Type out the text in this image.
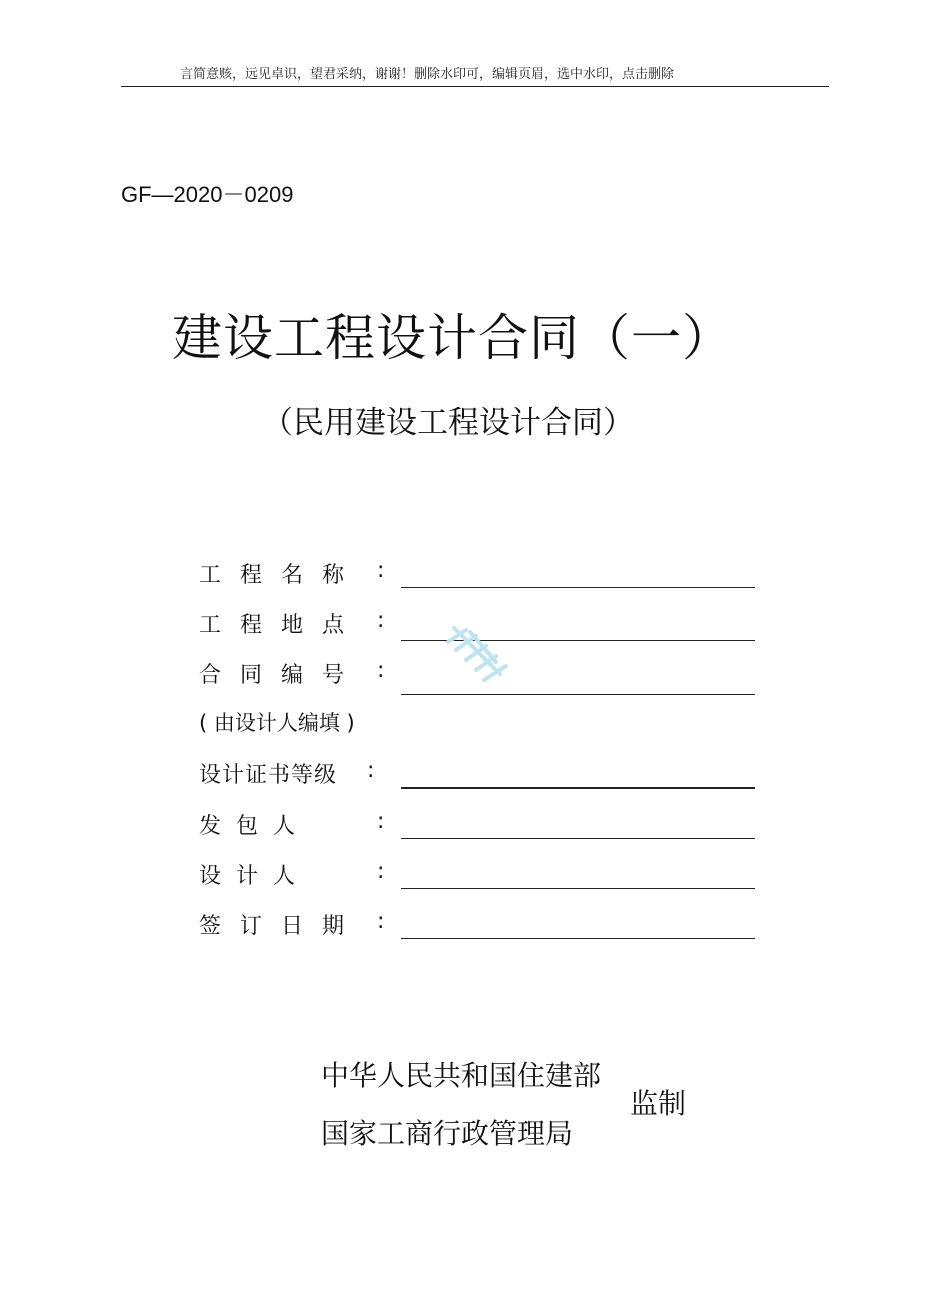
言简意赅，远见卓识，望君采纳，谢谢！删除水印可，编辑页眉，选中水印，点击删除
GF—2020－0209
建设工程设计合同（一）
（民用建设工程设计合同）
工 程 名 称 :
工 程 地 点 :
合 同 编 号 :
( 由设计人编填 )
设计证书等级 :
发 包 人	:
设 计 人	:
签 订 日 期 :
中华人民共和国住建部
国家工商行政管理局
监制
